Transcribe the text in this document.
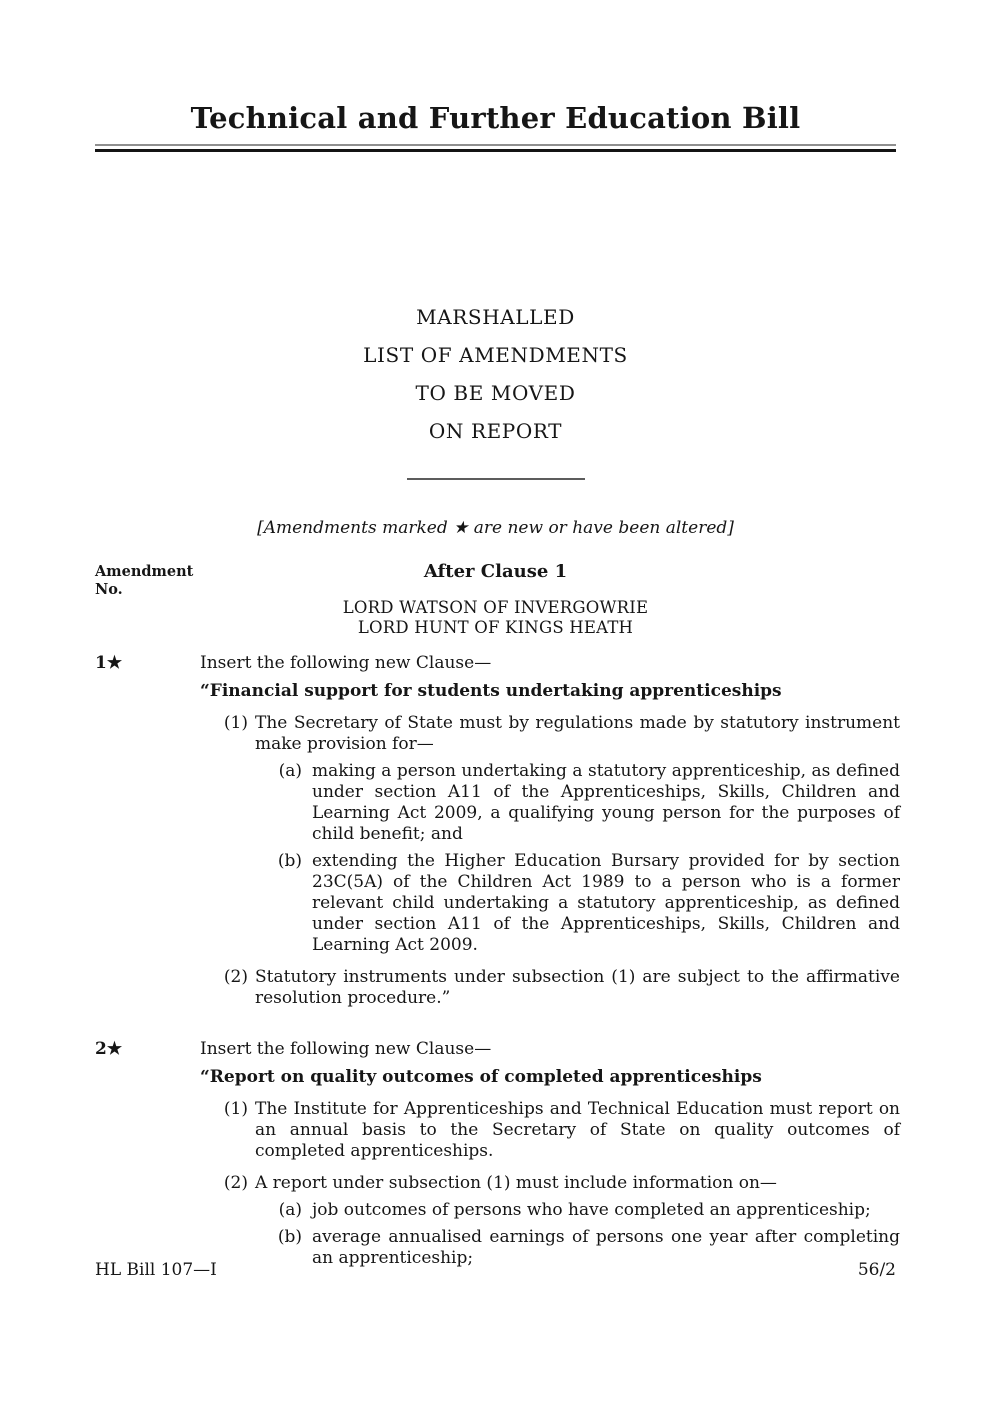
Technical and Further Education Bill
MARSHALLED
LIST OF AMENDMENTS
TO BE MOVED
ON REPORT
[Amendments marked ★ are new or have been altered]
Amendment
No.
After Clause 1
LORD WATSON OF INVERGOWRIE
LORD HUNT OF KINGS HEATH
1★	Insert the following new Clause—
“Financial support for students undertaking apprenticeships
(1) The Secretary of State must by regulations made by statutory instrument make provision for—
(a) making a person undertaking a statutory apprenticeship, as defined under section A11 of the Apprenticeships, Skills, Children and Learning Act 2009, a qualifying young person for the purposes of child benefit; and
(b) extending the Higher Education Bursary provided for by section 23C(5A) of the Children Act 1989 to a person who is a former relevant child undertaking a statutory apprenticeship, as defined under section A11 of the Apprenticeships, Skills, Children and Learning Act 2009.
(2) Statutory instruments under subsection (1) are subject to the affirmative resolution procedure.”
2★	Insert the following new Clause—
“Report on quality outcomes of completed apprenticeships
(1) The Institute for Apprenticeships and Technical Education must report on an annual basis to the Secretary of State on quality outcomes of completed apprenticeships.
(2) A report under subsection (1) must include information on—
(a) job outcomes of persons who have completed an apprenticeship;
(b) average annualised earnings of persons one year after completing an apprenticeship;
HL Bill 107—I	56/2
